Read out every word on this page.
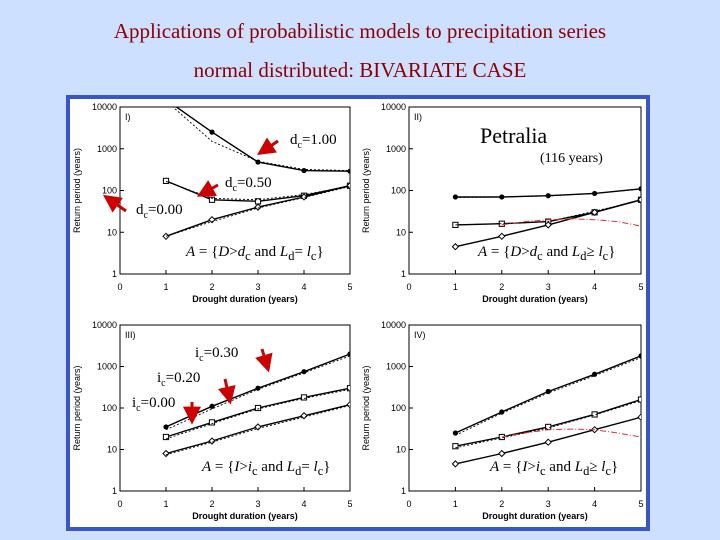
Applications of probabilistic models to precipitation series
normal distributed: BIVARIATE CASE
1
10
100
1000
10000
0	1	2	3	4	5
Drought duration (years)
Return period (years)
I)
1
10
100
1000
10000
0	1	2	3	4	5
Drought duration (years)
Return period (years)
II)
1
10
100
1000
10000
0	1	2	3	4	5
Drought duration (years)
Return period (years)
III)
1
10
100
1000
10000
0	1	2	3	4	5
Drought duration (years)
Return period (years)
IV)
Petralia
(116 years)
$d_c=1.00$
$d_c=0.50$
$d_c=0.00$
$i_c=0.30$
$i_c=0.20$
$i_c=0.00$
$A = \{D>d_c$ and $L_d= l_c$}	$A = \{D>d_c$ and $L_d\ge l_c$}
$A = \{I>i_c$ and $L_d= l_c$}	$A = \{I>i_c$ and $L_d\ge l_c$}
